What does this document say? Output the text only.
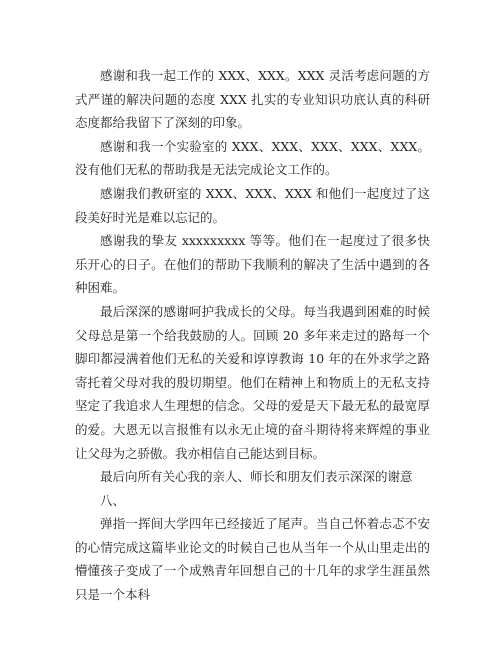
感谢和我一起工作的 XXX、XXX。XXX 灵活考虑问题的方式严谨的解决问题的态度 XXX 扎实的专业知识功底认真的科研态度都给我留下了深刻的印象。

感谢和我一个实验室的 XXX、XXX、XXX、XXX、XXX。没有他们无私的帮助我是无法完成论文工作的。

感谢我们教研室的 XXX、XXX、XXX 和他们一起度过了这段美好时光是难以忘记的。

感谢我的挚友 xxxxxxxxx 等等。他们在一起度过了很多快乐开心的日子。在他们的帮助下我顺利的解决了生活中遇到的各种困难。

最后深深的感谢呵护我成长的父母。每当我遇到困难的时候父母总是第一个给我鼓励的人。回顾 20 多年来走过的路每一个脚印都浸满着他们无私的关爱和谆谆教诲 10 年的在外求学之路寄托着父母对我的殷切期望。他们在精神上和物质上的无私支持坚定了我追求人生理想的信念。父母的爱是天下最无私的最宽厚的爱。大恩无以言报惟有以永无止境的奋斗期待将来辉煌的事业让父母为之骄傲。我亦相信自己能达到目标。

最后向所有关心我的亲人、师长和朋友们表示深深的谢意

八、

弹指一挥间大学四年已经接近了尾声。当自己怀着忐忑不安的心情完成这篇毕业论文的时候自己也从当年一个从山里走出的懵懂孩子变成了一个成熟青年回想自己的十几年的求学生涯虽然只是一个本科
